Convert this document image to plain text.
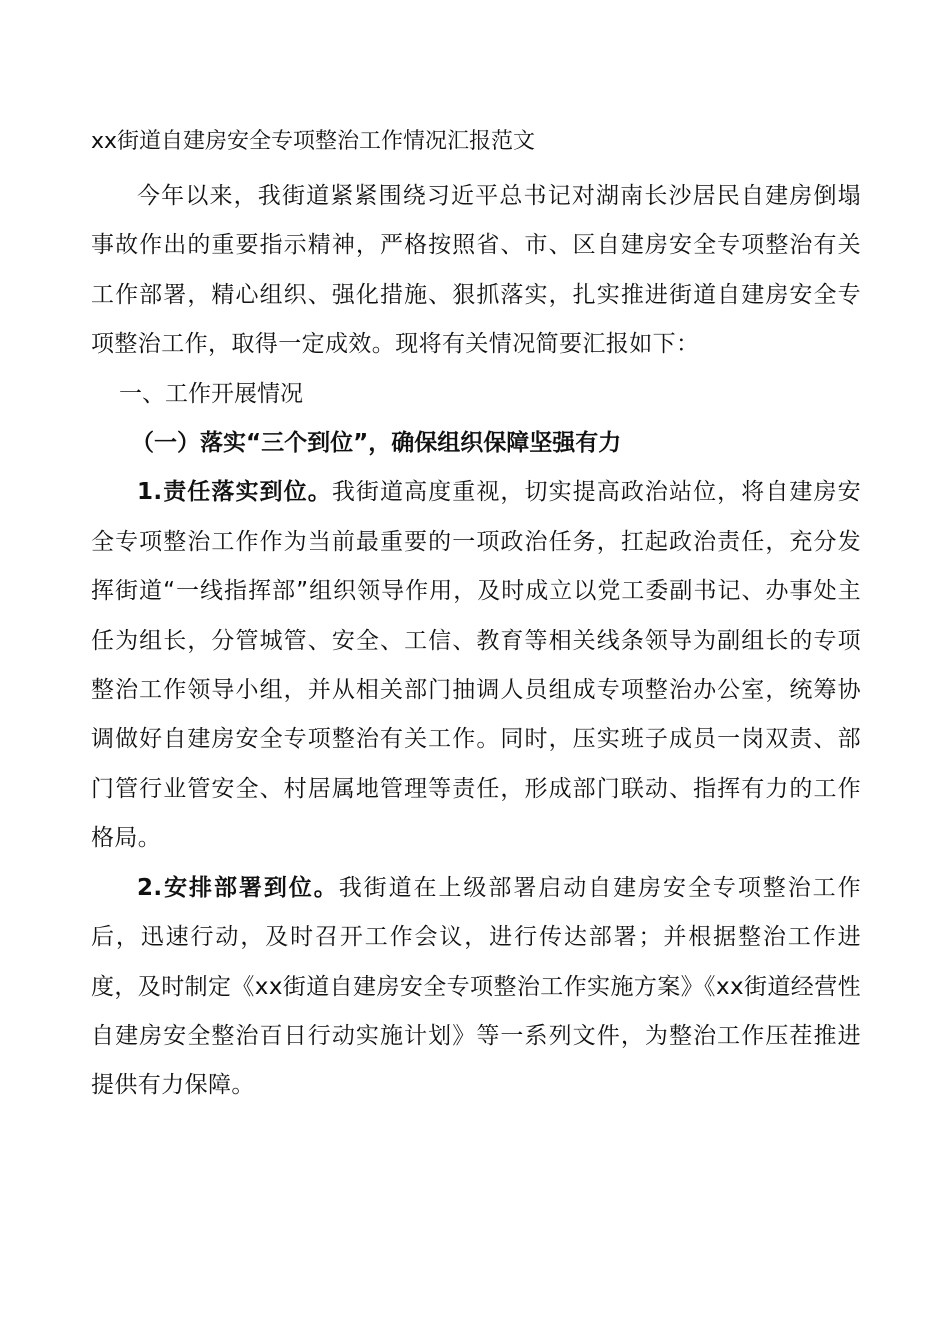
xx街道自建房安全专项整治工作情况汇报范文

今年以来，我街道紧紧围绕习近平总书记对湖南长沙居民自建房倒塌事故作出的重要指示精神，严格按照省、市、区自建房安全专项整治有关工作部署，精心组织、强化措施、狠抓落实，扎实推进街道自建房安全专项整治工作，取得一定成效。现将有关情况简要汇报如下：

一、工作开展情况
（一）落实“三个到位”，确保组织保障坚强有力

1.责任落实到位。我街道高度重视，切实提高政治站位，将自建房安全专项整治工作作为当前最重要的一项政治任务，扛起政治责任，充分发挥街道“一线指挥部”组织领导作用，及时成立以党工委副书记、办事处主任为组长，分管城管、安全、工信、教育等相关线条领导为副组长的专项整治工作领导小组，并从相关部门抽调人员组成专项整治办公室，统筹协调做好自建房安全专项整治有关工作。同时，压实班子成员一岗双责、部门管行业管安全、村居属地管理等责任，形成部门联动、指挥有力的工作格局。

2.安排部署到位。我街道在上级部署启动自建房安全专项整治工作后，迅速行动，及时召开工作会议，进行传达部署；并根据整治工作进度，及时制定《xx街道自建房安全专项整治工作实施方案》《xx街道经营性自建房安全整治百日行动实施计划》等一系列文件，为整治工作压茬推进提供有力保障。
